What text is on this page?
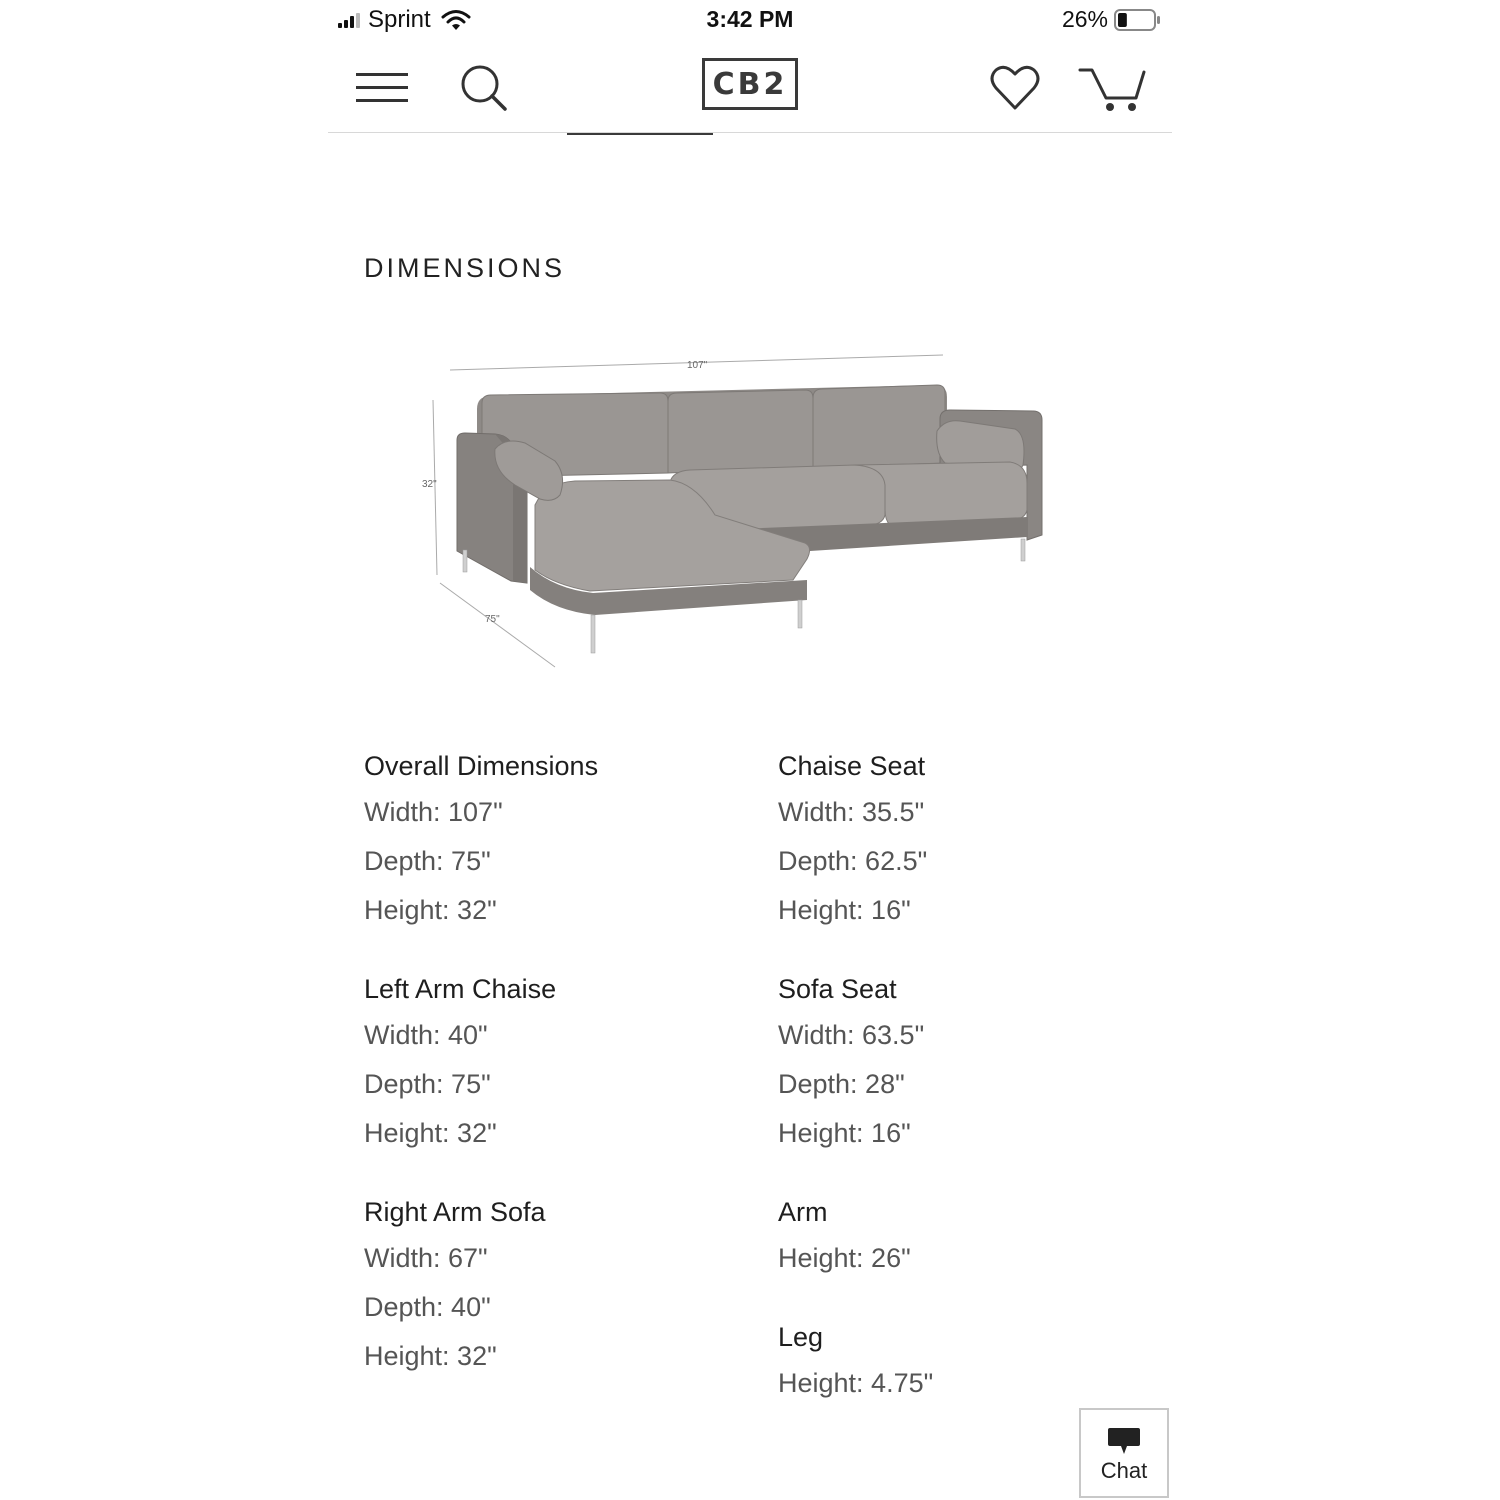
Sprint	3:42 PM	26%
CB2
DIMENSIONS
107"
32"
75"
Overall Dimensions
Width: 107"
Depth: 75"
Height: 32"
Left Arm Chaise
Width: 40"
Depth: 75"
Height: 32"
Right Arm Sofa
Width: 67"
Depth: 40"
Height: 32"
Chaise Seat
Width: 35.5"
Depth: 62.5"
Height: 16"
Sofa Seat
Width: 63.5"
Depth: 28"
Height: 16"
Arm
Height: 26"
Leg
Height: 4.75"
Chat
